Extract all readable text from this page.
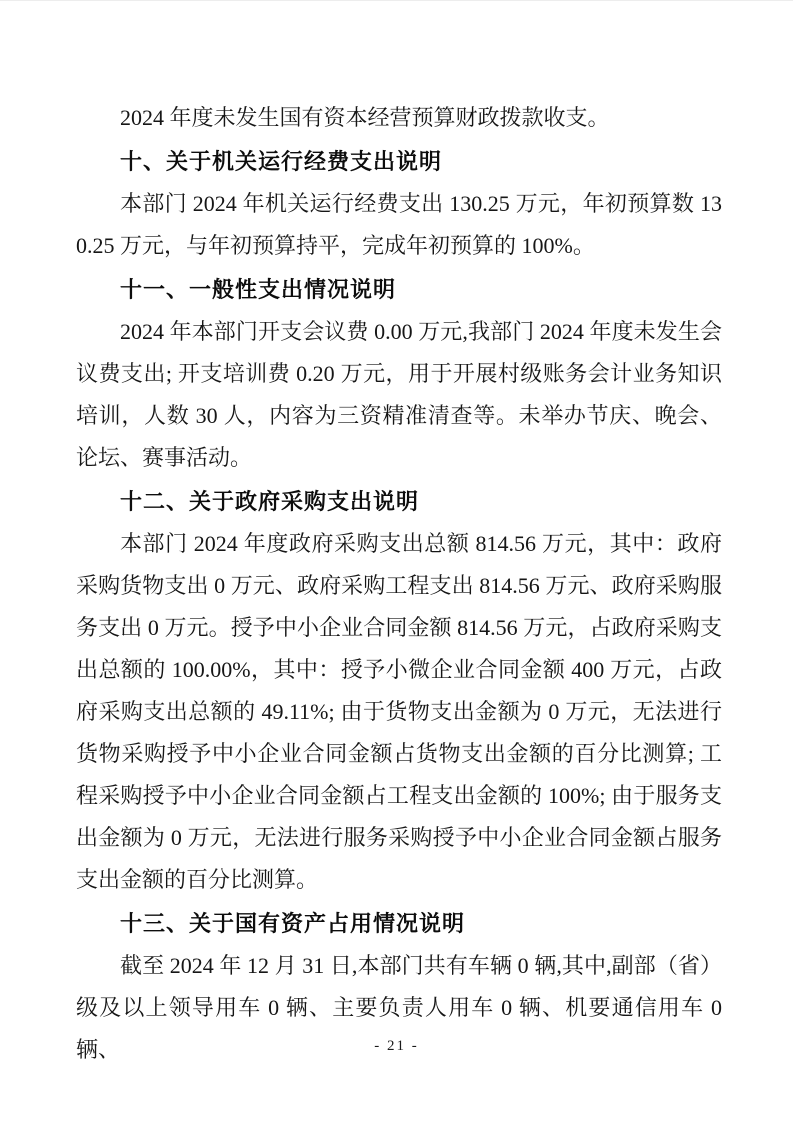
2024 年度未发生国有资本经营预算财政拨款收支。

十、关于机关运行经费支出说明

本部门 2024 年机关运行经费支出 130.25 万元，年初预算数 130.25 万元，与年初预算持平，完成年初预算的 100%。

十一、一般性支出情况说明

2024 年本部门开支会议费 0.00 万元,我部门 2024 年度未发生会议费支出; 开支培训费 0.20 万元，用于开展村级账务会计业务知识培训，人数 30 人，内容为三资精准清查等。未举办节庆、晚会、论坛、赛事活动。

十二、关于政府采购支出说明

本部门 2024 年度政府采购支出总额 814.56 万元，其中：政府采购货物支出 0 万元、政府采购工程支出 814.56 万元、政府采购服务支出 0 万元。授予中小企业合同金额 814.56 万元，占政府采购支出总额的 100.00%，其中：授予小微企业合同金额 400 万元，占政府采购支出总额的 49.11%; 由于货物支出金额为 0 万元，无法进行货物采购授予中小企业合同金额占货物支出金额的百分比测算; 工程采购授予中小企业合同金额占工程支出金额的 100%; 由于服务支出金额为 0 万元，无法进行服务采购授予中小企业合同金额占服务支出金额的百分比测算。

十三、关于国有资产占用情况说明

截至 2024 年 12 月 31 日,本部门共有车辆 0 辆,其中,副部（省）级及以上领导用车 0 辆、主要负责人用车 0 辆、机要通信用车 0 辆、	- 21 -
